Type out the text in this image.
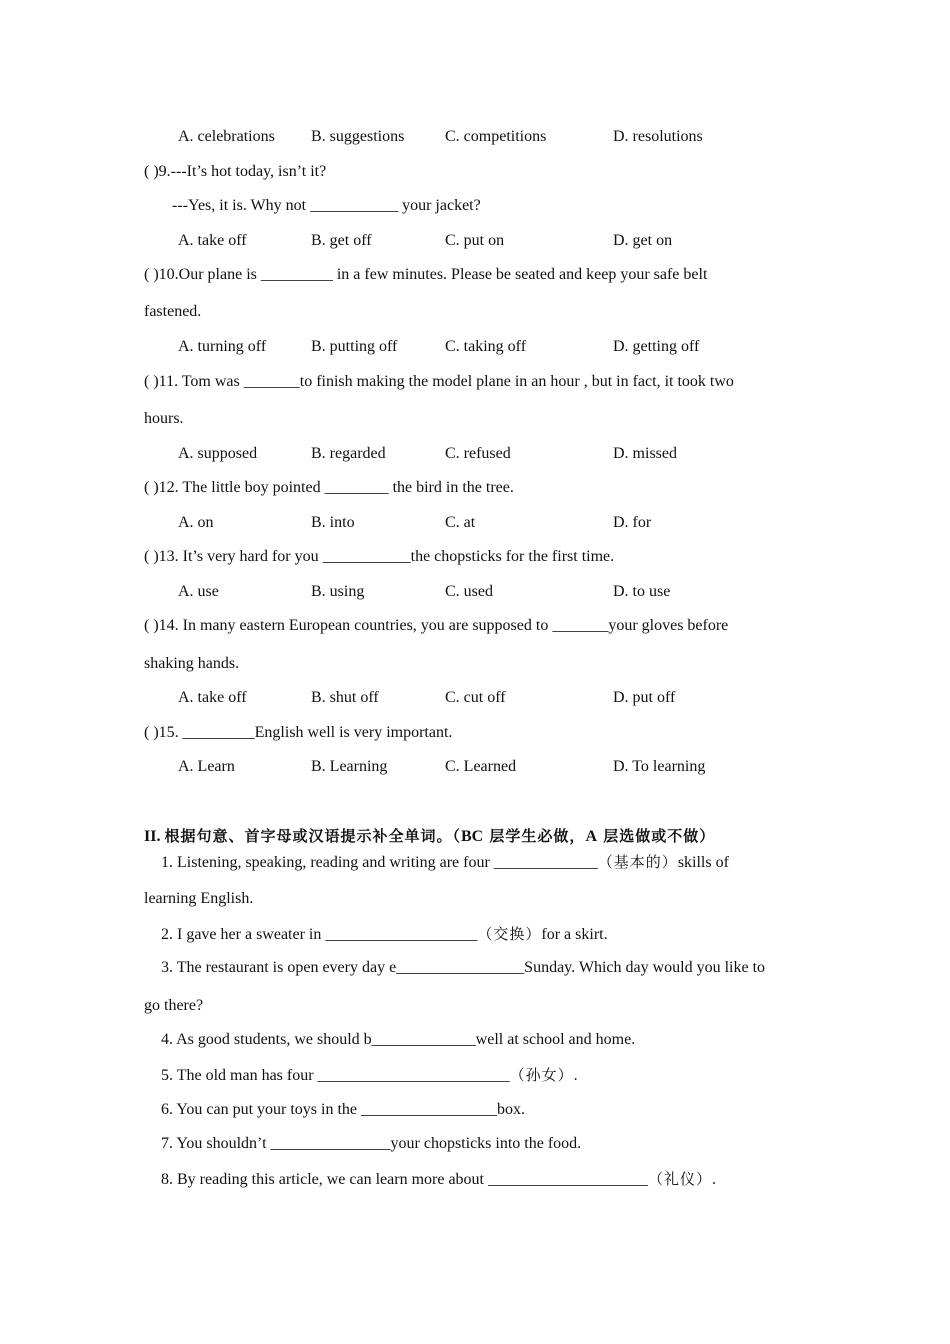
A. celebrations B. suggestions	C. competitions	D. resolutions
( )9.---It’s hot today, isn’t it?
---Yes, it is. Why not ___________ your jacket?
A. take off	B. get off	C. put on	D. get on
( )10.Our plane is _________ in a few minutes. Please be seated and keep your safe belt
fastened.
A. turning off	B. putting off	C. taking off	D. getting off
( )11. Tom was _______to finish making the model plane in an hour , but in fact, it took two
hours.
A. supposed	B. regarded	C. refused	D. missed
( )12. The little boy pointed ________ the bird in the tree.
A. on	B. into	C. at	D. for
( )13. It’s very hard for you ___________the chopsticks for the first time.
A. use	B. using	C. used	D. to use
( )14. In many eastern European countries, you are supposed to _______your gloves before
shaking hands.
A. take off	B. shut off	C. cut off	D. put off
( )15. _________English well is very important.
A. Learn	B. Learning	C. Learned	D. To learning
II. 根据句意、首字母或汉语提示补全单词。（BC 层学生必做，A 层选做或不做）
1. Listening, speaking, reading and writing are four _____________（基本的）skills of
learning English.
2. I gave her a sweater in ___________________（交换）for a skirt.
3. The restaurant is open every day e________________Sunday. Which day would you like to
go there?
4. As good students, we should b_____________well at school and home.
5. The old man has four ________________________（孙女）.
6. You can put your toys in the _________________box.
7. You shouldn’t _______________your chopsticks into the food.
8. By reading this article, we can learn more about ____________________（礼仪）.
